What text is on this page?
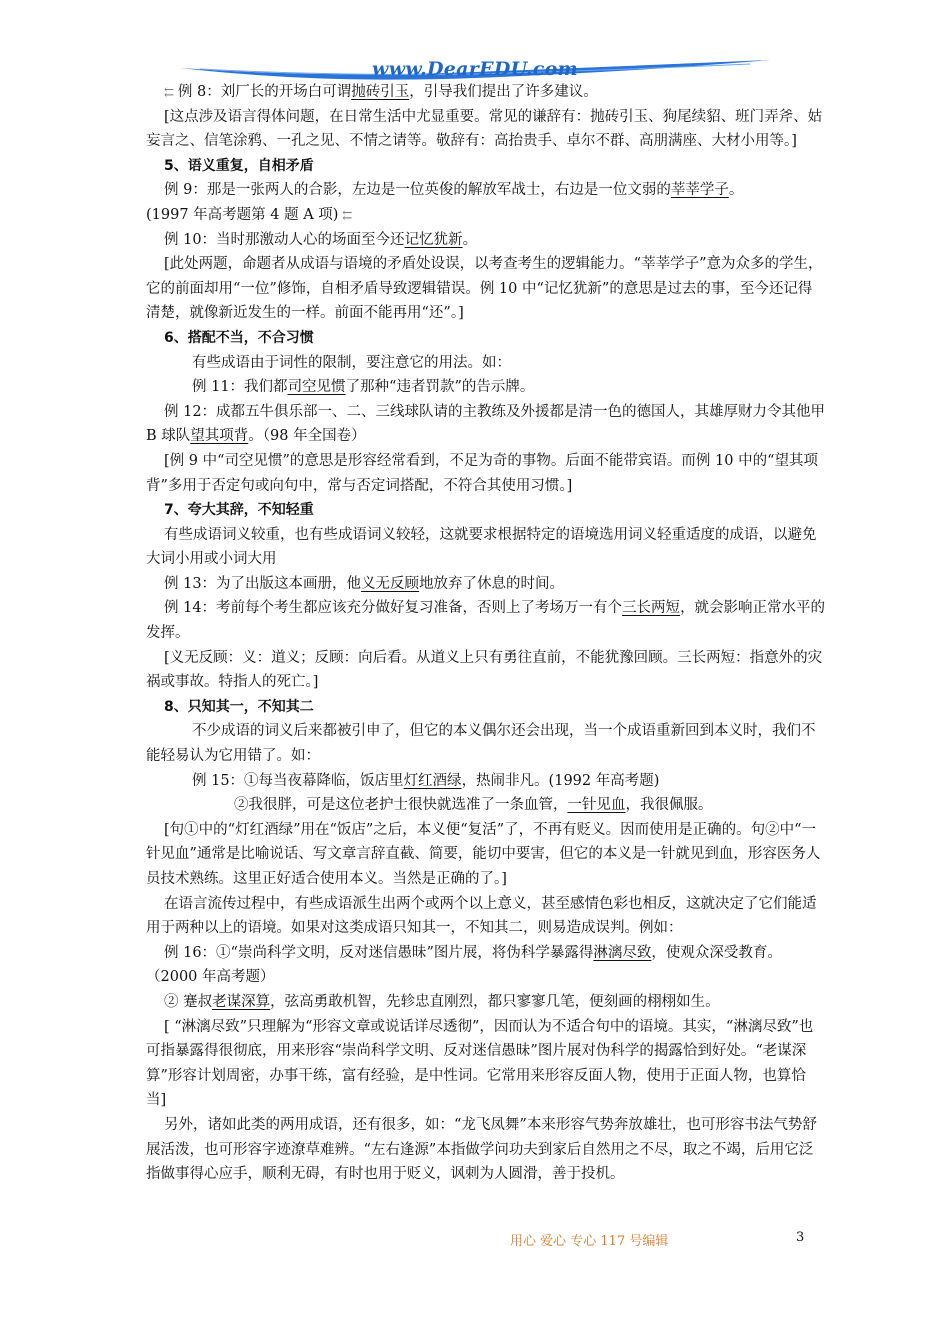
www.DearEDU.com

⇇ 例 8：刘厂长的开场白可谓抛砖引玉，引导我们提出了许多建议。

[这点涉及语言得体问题，在日常生活中尤显重要。常见的谦辞有：抛砖引玉、狗尾续貂、班门弄斧、姑妄言之、信笔涂鸦、一孔之见、不情之请等。敬辞有：高抬贵手、卓尔不群、高朋满座、大材小用等。]

5、语义重复，自相矛盾

例 9：那是一张两人的合影，左边是一位英俊的解放军战士，右边是一位文弱的莘莘学子。
(1997 年高考题第 4 题 A 项) ⇇

例 10：当时那激动人心的场面至今还记忆犹新。

[此处两题，命题者从成语与语境的矛盾处设误，以考查考生的逻辑能力。“莘莘学子”意为众多的学生，它的前面却用“一位”修饰，自相矛盾导致逻辑错误。例 10 中“记忆犹新”的意思是过去的事，至今还记得清楚，就像新近发生的一样。前面不能再用“还”。]

6、搭配不当，不合习惯

有些成语由于词性的限制，要注意它的用法。如：

例 11：我们都司空见惯了那种“违者罚款”的告示牌。

例 12：成都五牛俱乐部一、二、三线球队请的主教练及外援都是清一色的德国人，其雄厚财力令其他甲 B 球队望其项背。（98 年全国卷）

[例 9 中“司空见惯”的意思是形容经常看到，不足为奇的事物。后面不能带宾语。而例 10 中的“望其项背”多用于否定句或向句中，常与否定词搭配，不符合其使用习惯。]

7、夸大其辞，不知轻重

有些成语词义较重，也有些成语词义较轻，这就要求根据特定的语境选用词义轻重适度的成语，以避免大词小用或小词大用

例 13：为了出版这本画册，他义无反顾地放弃了休息的时间。

例 14：考前每个考生都应该充分做好复习准备，否则上了考场万一有个三长两短，就会影响正常水平的发挥。

[义无反顾：义：道义；反顾：向后看。从道义上只有勇往直前，不能犹豫回顾。三长两短：指意外的灾祸或事故。特指人的死亡。]

8、只知其一，不知其二

不少成语的词义后来都被引申了，但它的本义偶尔还会出现，当一个成语重新回到本义时，我们不能轻易认为它用错了。如：

例 15：①每当夜幕降临，饭店里灯红酒绿，热闹非凡。(1992 年高考题)

②我很胖，可是这位老护士很快就选准了一条血管，一针见血，我很佩服。

[句①中的“灯红酒绿”用在“饭店”之后，本义便“复活”了，不再有贬义。因而使用是正确的。句②中“一针见血”通常是比喻说话、写文章言辞直截、简要，能切中要害，但它的本义是一针就见到血，形容医务人员技术熟练。这里正好适合使用本义。当然是正确的了。]

在语言流传过程中，有些成语派生出两个或两个以上意义，甚至感情色彩也相反，这就决定了它们能适用于两种以上的语境。如果对这类成语只知其一，不知其二，则易造成误判。例如：

例 16：①“崇尚科学文明，反对迷信愚昧”图片展，将伪科学暴露得淋漓尽致，使观众深受教育。（2000 年高考题）

② 蹇叔老谋深算，弦高勇敢机智，先轸忠直刚烈，都只寥寥几笔，便刻画的栩栩如生。

[ “淋漓尽致”只理解为“形容文章或说话详尽透彻”，因而认为不适合句中的语境。其实，“淋漓尽致”也可指暴露得很彻底，用来形容“崇尚科学文明、反对迷信愚昧”图片展对伪科学的揭露恰到好处。“老谋深算”形容计划周密，办事干练，富有经验，是中性词。它常用来形容反面人物，使用于正面人物，也算恰当]

另外，诸如此类的两用成语，还有很多，如：“龙飞凤舞”本来形容气势奔放雄壮，也可形容书法气势舒展活泼，也可形容字迹潦草难辨。“左右逢源”本指做学问功夫到家后自然用之不尽，取之不竭，后用它泛指做事得心应手，顺利无碍，有时也用于贬义，讽刺为人圆滑，善于投机。

用心 爱心 专心 117 号编辑	3
